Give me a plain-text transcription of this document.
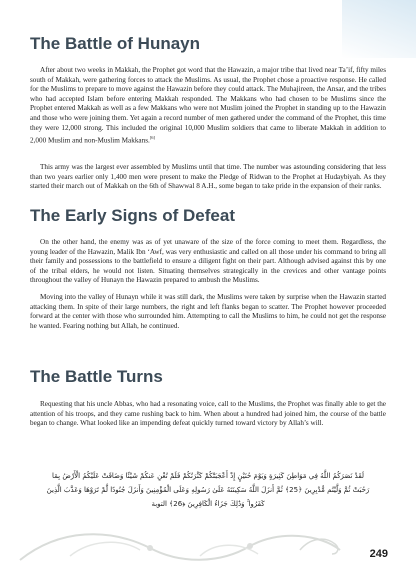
The Battle of Hunayn

After about two weeks in Makkah, the Prophet got word that the Hawazin, a major tribe that lived near Ta’if, fifty miles south of Makkah, were gathering forces to attack the Muslims. As usual, the Prophet chose a proactive response. He called for the Muslims to prepare to move against the Hawazin before they could attack. The Muhajireen, the Ansar, and the tribes who had accepted Islam before entering Makkah responded. The Makkans who had chosen to be Muslims since the Prophet entered Makkah as well as a few Makkans who were not Muslim joined the Prophet in standing up to the Hawazin and those who were joining them. Yet again a record number of men gathered under the command of the Prophet, this time they were 12,000 strong. This included the original 10,000 Muslim soldiers that came to liberate Makkah in addition to 2,000 Muslim and non-Muslim Makkans.[6]

This army was the largest ever assembled by Muslims until that time. The number was astounding considering that less than two years earlier only 1,400 men were present to make the Pledge of Ridwan to the Prophet at Hudaybiyah. As they started their march out of Makkah on the 6th of Shawwal 8 A.H., some began to take pride in the expansion of their ranks.

The Early Signs of Defeat

On the other hand, the enemy was as of yet unaware of the size of the force coming to meet them. Regardless, the young leader of the Hawazin, Malik Ibn ‘Awf, was very enthusiastic and called on all those under his command to bring all their family and possessions to the battlefield to ensure a diligent fight on their part. Although advised against this by one of the tribal elders, he would not listen. Situating themselves strategically in the crevices and other vantage points throughout the valley of Hunayn the Hawazin prepared to ambush the Muslims.

Moving into the valley of Hunayn while it was still dark, the Muslims were taken by surprise when the Hawazin started attacking them. In spite of their large numbers, the right and left flanks began to scatter. The Prophet however proceeded forward at the center with those who surrounded him. Attempting to call the Muslims to him, he could not get the response he wanted. Fearing nothing but Allah, he continued.

The Battle Turns

Requesting that his uncle Abbas, who had a resonating voice, call to the Muslims, the Prophet was finally able to get the attention of his troops, and they came rushing back to him. When about a hundred had joined him, the course of the battle began to change. What looked like an impending defeat quickly turned toward victory by Allah’s will.

لَقَدْ نَصَرَكُمُ اللَّهُ فِي مَوَاطِنَ كَثِيرَةٍ وَيَوْمَ حُنَيْنٍ إِذْ أَعْجَبَتْكُمْ كَثْرَتُكُمْ فَلَمْ تُغْنِ عَنكُمْ شَيْئًا وَضَاقَتْ عَلَيْكُمُ الْأَرْضُ بِمَا
رَحُبَتْ ثُمَّ وَلَّيْتُم مُّدْبِرِينَ ﴿25﴾ ثُمَّ أَنزَلَ اللَّهُ سَكِينَتَهُ عَلَىٰ رَسُولِهِ وَعَلَى الْمُؤْمِنِينَ وَأَنزَلَ جُنُودًا لَّمْ تَرَوْهَا وَعَذَّبَ الَّذِينَ
كَفَرُوا ۚ وَذَٰلِكَ جَزَاءُ الْكَافِرِينَ ﴿26﴾ التوبة
249
